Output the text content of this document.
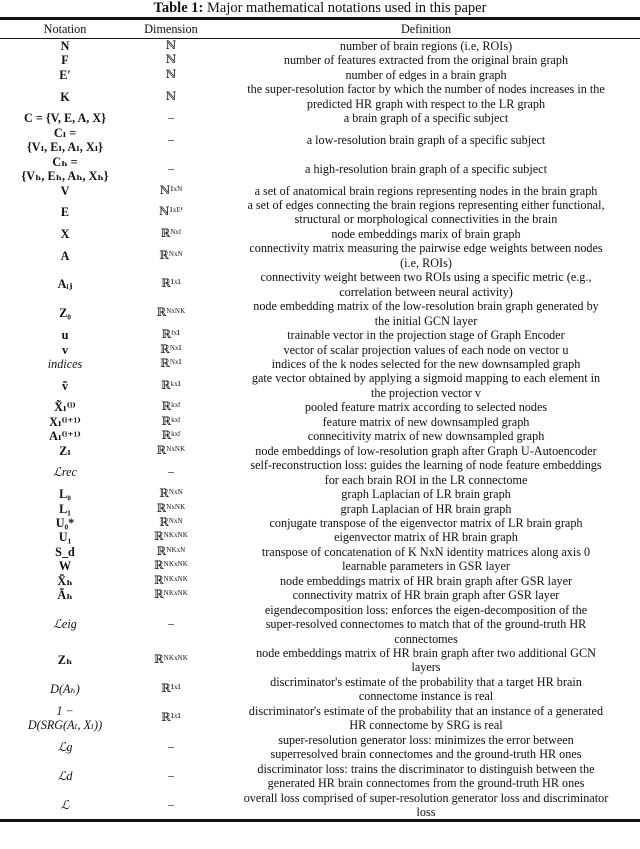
Table 1: Major mathematical notations used in this paper
Notation	Dimension	Definition
N	ℕ	number of brain regions (i.e, ROIs)
F	ℕ	number of features extracted from the original brain graph
E′	ℕ	number of edges in a brain graph
K	ℕ	the super-resolution factor by which the number of nodes increases in the
predicted HR graph with respect to the LR graph
C = {V, E, A, X}	–	a brain graph of a specific subject
Cₗ =
{Vₗ, Eₗ, Aₗ, Xₗ}	–	a low-resolution brain graph of a specific subject
Cₕ =
{Vₕ, Eₕ, Aₕ, Xₕ}	–	a high-resolution brain graph of a specific subject
V	ℕ¹ˣᴺ	a set of anatomical brain regions representing nodes in the brain graph
E	ℕ¹ˣᴱ′	a set of edges connecting the brain regions representing either functional,
structural or morphological connectivities in the brain
X	ℝᴺˣᶠ	node embeddings marix of brain graph
A	ℝᴺˣᴺ	connectivity matrix measuring the pairwise edge weights between nodes
(i.e, ROIs)
Aᵢⱼ	ℝ¹ˣ¹	connectivity weight between two ROIs using a specific metric (e.g.,
correlation between neural activity)
Z₀	ℝᴺˣᴺᴷ	node embedding matrix of the low-resolution brain graph generated by
the initial GCN layer
u	ℝᶠˣ¹	trainable vector in the projection stage of Graph Encoder
v	ℝᴺˣ¹	vector of scalar projection values of each node on vector u
indices	ℝᴺˣ¹	indices of the k nodes selected for the new downsampled graph
ṽ	ℝᵏˣ¹	gate vector obtained by applying a sigmoid mapping to each element in
the projection vector v
X̃ₗ⁽ˡ⁾	ℝᵏˣᶠ	pooled feature matrix according to selected nodes
Xₗ⁽ˡ⁺¹⁾	ℝᵏˣᶠ	feature matrix of new downsampled graph
Aₗ⁽ˡ⁺¹⁾	ℝᵏˣᶠ	connecitivity matrix of new downsampled graph
Zₗ	ℝᴺˣᴺᴷ	node embeddings of low-resolution graph after Graph U-Autoencoder
ℒrec	–	self-reconstruction loss: guides the learning of node feature embeddings
for each brain ROI in the LR connectome
L₀	ℝᴺˣᴺ	graph Laplacian of LR brain graph
L₁	ℝᴺˣᴺᴷ	graph Laplacian of HR brain graph
U₀*	ℝᴺˣᴺ	conjugate transpose of the eigenvector matrix of LR brain graph
U₁	ℝᴺᴷˣᴺᴷ	eigenvector matrix of HR brain graph
S_d	ℝᴺᴷˣᴺ	transpose of concatenation of K NxN identity matrices along axis 0
W	ℝᴺᴷˣᴺᴷ	learnable parameters in GSR layer
X̃ₕ	ℝᴺᴷˣᴺᴷ	node embeddings matrix of HR brain graph after GSR layer
Ãₕ	ℝᴺᴷˣᴺᴷ	connectivity matrix of HR brain graph after GSR layer
ℒeig	–	eigendecomposition loss: enforces the eigen-decomposition of the
super-resolved connectomes to match that of the ground-truth HR
connectomes
Zₕ	ℝᴺᴷˣᴺᴷ	node embeddings matrix of HR brain graph after two additional GCN
layers
D(Aₕ)	ℝ¹ˣ¹	discriminator's estimate of the probability that a target HR brain
connectome instance is real
1 −
D(SRG(Aₗ, Xₗ))	ℝ¹ˣ¹	discriminator's estimate of the probability that an instance of a generated
HR connectome by SRG is real
ℒg	–	super-resolution generator loss: minimizes the error between
superresolved brain connectomes and the ground-truth HR ones
ℒd	–	discriminator loss: trains the discriminator to distinguish between the
generated HR brain connectomes from the ground-truth HR ones
ℒ	–	overall loss comprised of super-resolution generator loss and discriminator
loss
